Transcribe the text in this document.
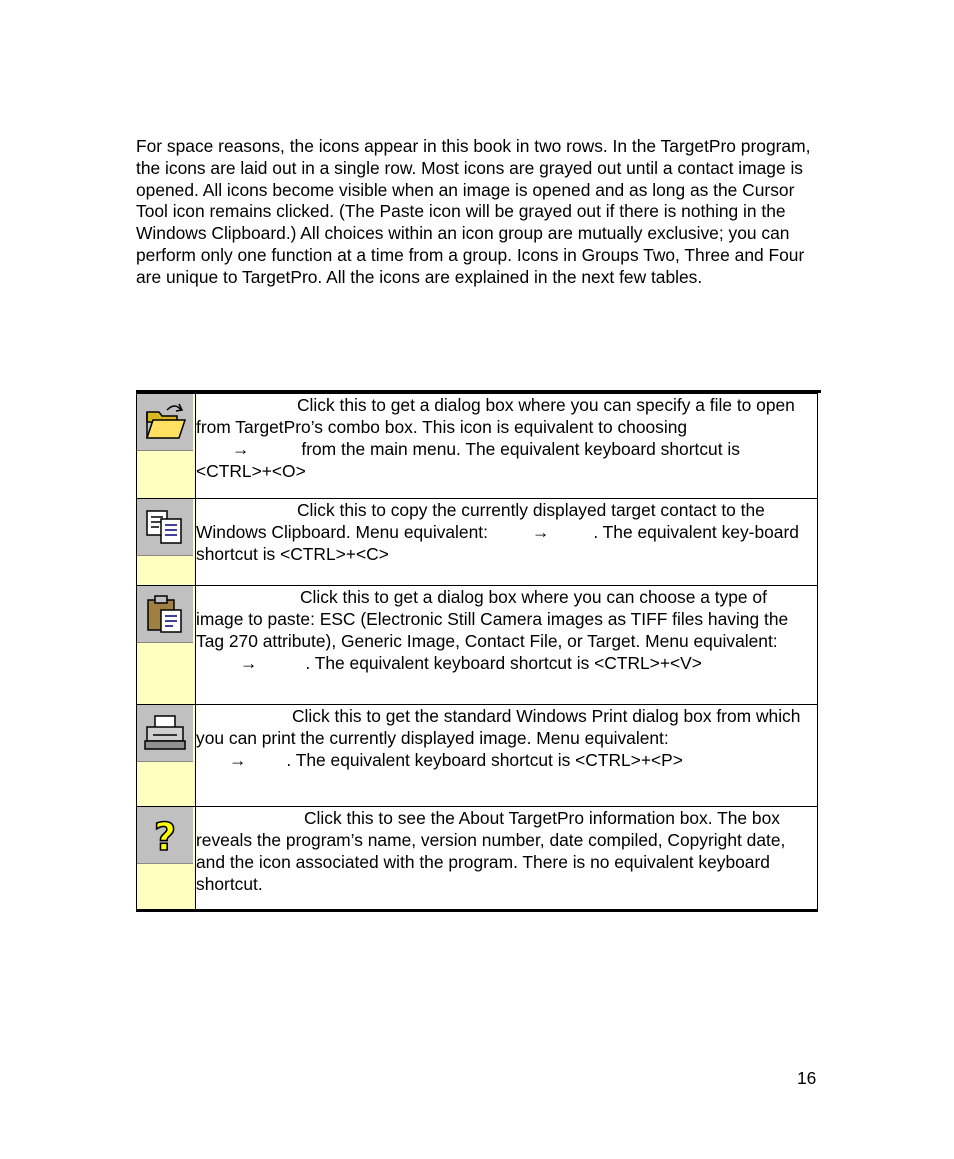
For space reasons, the icons appear in this book in two rows. In the TargetPro program, the icons are laid out in a single row. Most icons are grayed out until a contact image is opened. All icons become visible when an image is opened and as long as the Cursor Tool icon remains clicked. (The Paste icon will be grayed out if there is nothing in the Windows Clipboard.) All choices within an icon group are mutually exclusive; you can perform only one function at a time from a group. Icons in Groups Two, Three and Four are unique to TargetPro. All the icons are explained in the next few tables.

	Click this to get a dialog box where you can specify a file to open from TargetPro’s combo box. This icon is equivalent to choosing
→ from the main menu. The equivalent keyboard shortcut is <CTRL>+<O>

	Click this to copy the currently displayed target contact to the Windows Clipboard. Menu equivalent: → . The equivalent key-board shortcut is <CTRL>+<C>

	Click this to get a dialog box where you can choose a type of image to paste: ESC (Electronic Still Camera images as TIFF files having the Tag 270 attribute), Generic Image, Contact File, or Target. Menu equivalent:→ . The equivalent keyboard shortcut is <CTRL>+<V>

	Click this to get the standard Windows Print dialog box from which you can print the currently displayed image. Menu equivalent:
→ . The equivalent keyboard shortcut is <CTRL>+<P>

?	Click this to see the About TargetPro information box. The box reveals the program’s name, version number, date compiled, Copyright date, and the icon associated with the program. There is no equivalent keyboard shortcut.
16
